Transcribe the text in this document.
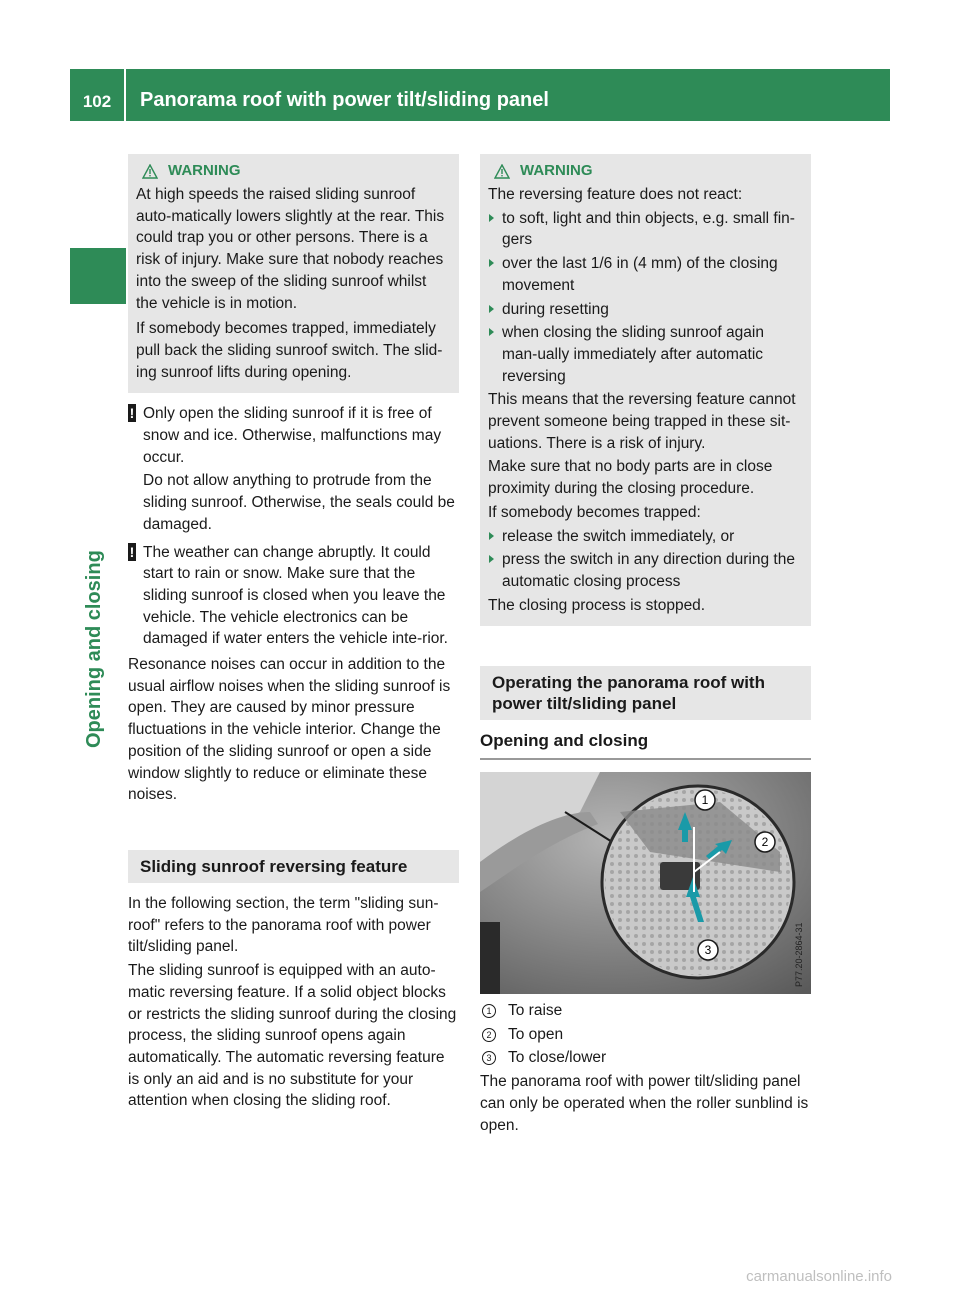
102	Panorama roof with power tilt/sliding panel
Opening and closing
WARNING
At high speeds the raised sliding sunroof auto-matically lowers slightly at the rear. This could trap you or other persons. There is a risk of injury. Make sure that nobody reaches into the sweep of the sliding sunroof whilst the vehicle is in motion.
If somebody becomes trapped, immediately pull back the sliding sunroof switch. The slid-ing sunroof lifts during opening.
! Only open the sliding sunroof if it is free of snow and ice. Otherwise, malfunctions may occur.
Do not allow anything to protrude from the sliding sunroof. Otherwise, the seals could be damaged.
! The weather can change abruptly. It could start to rain or snow. Make sure that the sliding sunroof is closed when you leave the vehicle. The vehicle electronics can be damaged if water enters the vehicle inte-rior.
Resonance noises can occur in addition to the usual airflow noises when the sliding sunroof is open. They are caused by minor pressure fluctuations in the vehicle interior. Change the position of the sliding sunroof or open a side window slightly to reduce or eliminate these noises.
Sliding sunroof reversing feature
In the following section, the term "sliding sun-roof" refers to the panorama roof with power tilt/sliding panel.
The sliding sunroof is equipped with an auto-matic reversing feature. If a solid object blocks or restricts the sliding sunroof during the closing process, the sliding sunroof opens again automatically. The automatic reversing feature is only an aid and is no substitute for your attention when closing the sliding roof.
WARNING
The reversing feature does not react:
to soft, light and thin objects, e.g. small fin-gers
over the last 1/6 in (4 mm) of the closing movement
during resetting
when closing the sliding sunroof again man-ually immediately after automatic reversing
This means that the reversing feature cannot prevent someone being trapped in these sit-uations. There is a risk of injury.
Make sure that no body parts are in close proximity during the closing procedure.
If somebody becomes trapped:
release the switch immediately, or
press the switch in any direction during the automatic closing process
The closing process is stopped.
Operating the panorama roof with power tilt/sliding panel
Opening and closing
1
2
3	P77.20-2864-31
1 To raise
2 To open
3 To close/lower
The panorama roof with power tilt/sliding panel can only be operated when the roller sunblind is open.
carmanualsonline.info
